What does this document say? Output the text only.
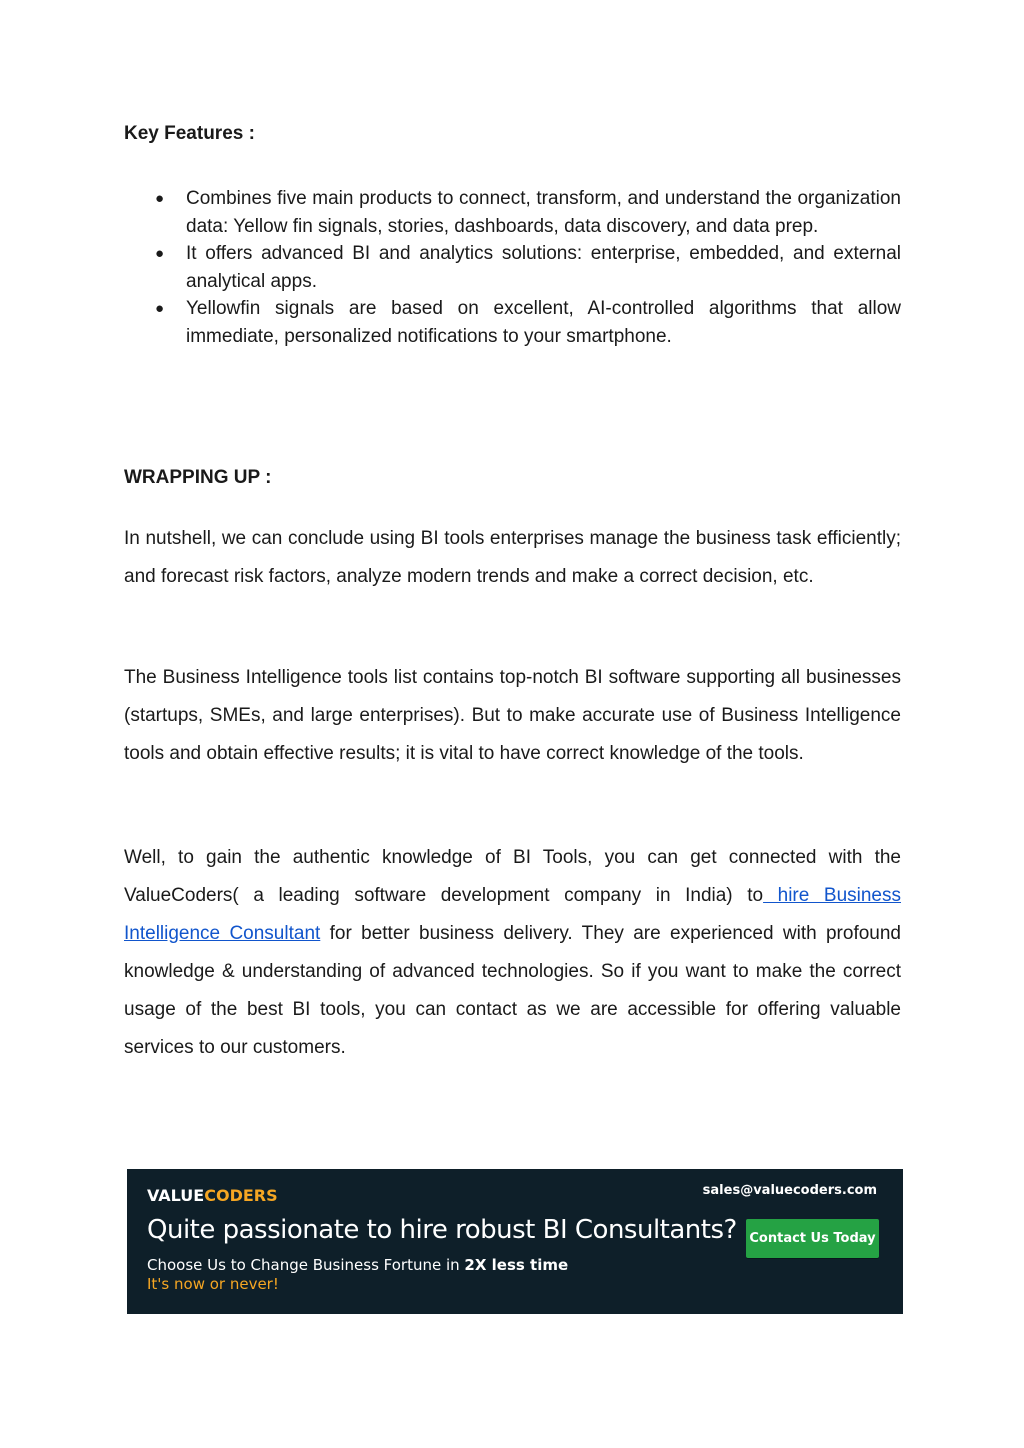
Key Features :
● Combines five main products to connect, transform, and understand the organization data: Yellow fin signals, stories, dashboards, data discovery, and data prep.
● It offers advanced BI and analytics solutions: enterprise, embedded, and external analytical apps.
● Yellowfin signals are based on excellent, AI-controlled algorithms that allow immediate, personalized notifications to your smartphone.
WRAPPING UP :

In nutshell, we can conclude using BI tools enterprises manage the business task efficiently; and forecast risk factors, analyze modern trends and make a correct decision, etc.

The Business Intelligence tools list contains top-notch BI software supporting all businesses (startups, SMEs, and large enterprises). But to make accurate use of Business Intelligence tools and obtain effective results; it is vital to have correct knowledge of the tools.

Well, to gain the authentic knowledge of BI Tools, you can get connected with the ValueCoders( a leading software development company in India) to hire Business Intelligence Consultant for better business delivery. They are experienced with profound knowledge & understanding of advanced technologies. So if you want to make the correct usage of the best BI tools, you can contact as we are accessible for offering valuable services to our customers.

VALUECODERS	sales@valuecoders.com
Quite passionate to hire robust BI Consultants?
Choose Us to Change Business Fortune in 2X less time
It's now or never!
Contact Us Today
